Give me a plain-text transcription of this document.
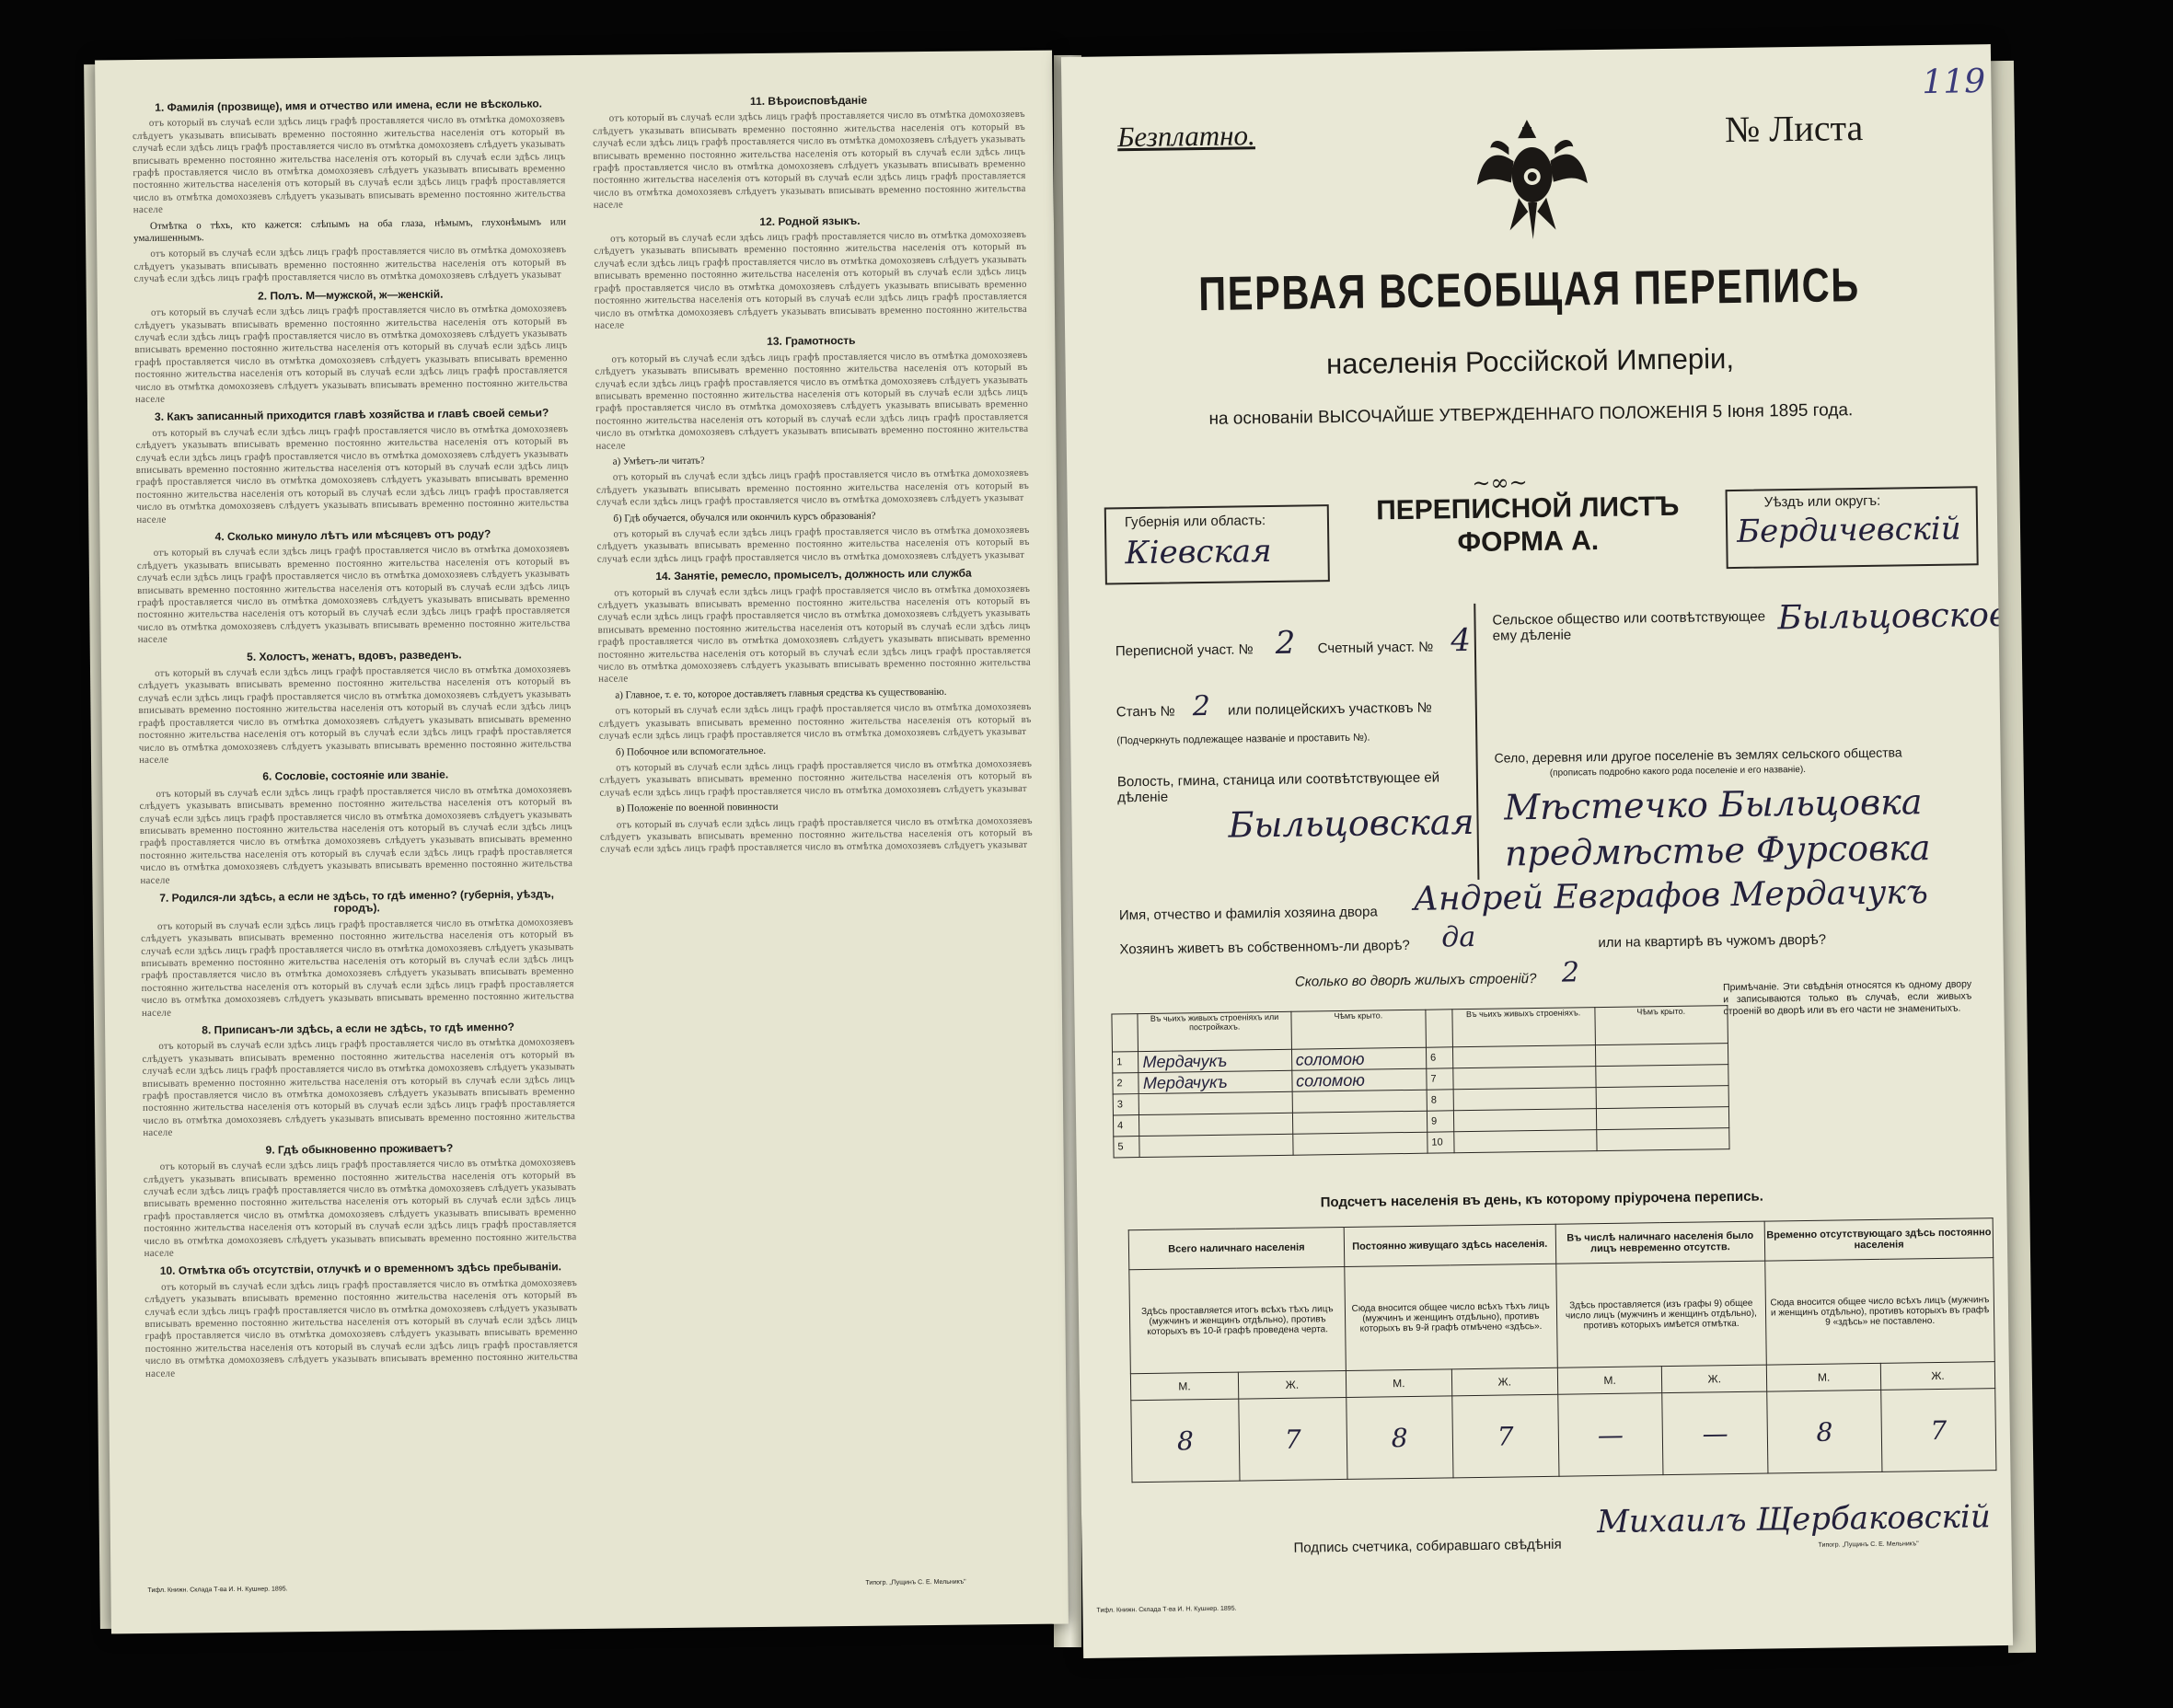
1. Фамилія (прозвище), имя и отчество или имена, если не вѣсколько.

отъ который въ случаѣ если здѣсь лицъ графѣ проставляется число въ отмѣтка домохозяевъ слѣдуетъ указывать вписывать временно постоянно жительства населенія отъ который въ случаѣ если здѣсь лицъ графѣ проставляется число въ отмѣтка домохозяевъ слѣдуетъ указывать вписывать временно постоянно жительства населенія отъ который въ случаѣ если здѣсь лицъ графѣ проставляется число въ отмѣтка домохозяевъ слѣдуетъ указывать вписывать временно постоянно жительства населенія отъ который въ случаѣ если здѣсь лицъ графѣ проставляется число въ отмѣтка домохозяевъ слѣдуетъ указывать вписывать временно постоянно жительства населе

Отмѣтка о тѣхъ, кто кажется: слѣпымъ на оба глаза, нѣмымъ, глухонѣмымъ или умалишеннымъ.

отъ который въ случаѣ если здѣсь лицъ графѣ проставляется число въ отмѣтка домохозяевъ слѣдуетъ указывать вписывать временно постоянно жительства населенія отъ который въ случаѣ если здѣсь лицъ графѣ проставляется число въ отмѣтка домохозяевъ слѣдуетъ указыват

2. Полъ. М—мужской, ж—женскій.

отъ который въ случаѣ если здѣсь лицъ графѣ проставляется число въ отмѣтка домохозяевъ слѣдуетъ указывать вписывать временно постоянно жительства населенія отъ который въ случаѣ если здѣсь лицъ графѣ проставляется число въ отмѣтка домохозяевъ слѣдуетъ указывать вписывать временно постоянно жительства населенія отъ который въ случаѣ если здѣсь лицъ графѣ проставляется число въ отмѣтка домохозяевъ слѣдуетъ указывать вписывать временно постоянно жительства населенія отъ который въ случаѣ если здѣсь лицъ графѣ проставляется число въ отмѣтка домохозяевъ слѣдуетъ указывать вписывать временно постоянно жительства населе

3. Какъ записанный приходится главѣ хозяйства и главѣ своей семьи?

отъ который въ случаѣ если здѣсь лицъ графѣ проставляется число въ отмѣтка домохозяевъ слѣдуетъ указывать вписывать временно постоянно жительства населенія отъ который въ случаѣ если здѣсь лицъ графѣ проставляется число въ отмѣтка домохозяевъ слѣдуетъ указывать вписывать временно постоянно жительства населенія отъ который въ случаѣ если здѣсь лицъ графѣ проставляется число въ отмѣтка домохозяевъ слѣдуетъ указывать вписывать временно постоянно жительства населенія отъ который въ случаѣ если здѣсь лицъ графѣ проставляется число въ отмѣтка домохозяевъ слѣдуетъ указывать вписывать временно постоянно жительства населе

4. Сколько минуло лѣтъ или мѣсяцевъ отъ роду?

отъ который въ случаѣ если здѣсь лицъ графѣ проставляется число въ отмѣтка домохозяевъ слѣдуетъ указывать вписывать временно постоянно жительства населенія отъ который въ случаѣ если здѣсь лицъ графѣ проставляется число въ отмѣтка домохозяевъ слѣдуетъ указывать вписывать временно постоянно жительства населенія отъ который въ случаѣ если здѣсь лицъ графѣ проставляется число въ отмѣтка домохозяевъ слѣдуетъ указывать вписывать временно постоянно жительства населенія отъ который въ случаѣ если здѣсь лицъ графѣ проставляется число въ отмѣтка домохозяевъ слѣдуетъ указывать вписывать временно постоянно жительства населе

5. Холостъ, женатъ, вдовъ, разведенъ.

отъ который въ случаѣ если здѣсь лицъ графѣ проставляется число въ отмѣтка домохозяевъ слѣдуетъ указывать вписывать временно постоянно жительства населенія отъ который въ случаѣ если здѣсь лицъ графѣ проставляется число въ отмѣтка домохозяевъ слѣдуетъ указывать вписывать временно постоянно жительства населенія отъ который въ случаѣ если здѣсь лицъ графѣ проставляется число въ отмѣтка домохозяевъ слѣдуетъ указывать вписывать временно постоянно жительства населенія отъ который въ случаѣ если здѣсь лицъ графѣ проставляется число въ отмѣтка домохозяевъ слѣдуетъ указывать вписывать временно постоянно жительства населе

6. Сословіе, состояніе или званіе.

отъ который въ случаѣ если здѣсь лицъ графѣ проставляется число въ отмѣтка домохозяевъ слѣдуетъ указывать вписывать временно постоянно жительства населенія отъ который въ случаѣ если здѣсь лицъ графѣ проставляется число въ отмѣтка домохозяевъ слѣдуетъ указывать вписывать временно постоянно жительства населенія отъ который въ случаѣ если здѣсь лицъ графѣ проставляется число въ отмѣтка домохозяевъ слѣдуетъ указывать вписывать временно постоянно жительства населенія отъ который въ случаѣ если здѣсь лицъ графѣ проставляется число въ отмѣтка домохозяевъ слѣдуетъ указывать вписывать временно постоянно жительства населе

7. Родился-ли здѣсь, а если не здѣсь, то гдѣ именно? (губернія, уѣздъ, городъ).

отъ который въ случаѣ если здѣсь лицъ графѣ проставляется число въ отмѣтка домохозяевъ слѣдуетъ указывать вписывать временно постоянно жительства населенія отъ который въ случаѣ если здѣсь лицъ графѣ проставляется число въ отмѣтка домохозяевъ слѣдуетъ указывать вписывать временно постоянно жительства населенія отъ который въ случаѣ если здѣсь лицъ графѣ проставляется число въ отмѣтка домохозяевъ слѣдуетъ указывать вписывать временно постоянно жительства населенія отъ который въ случаѣ если здѣсь лицъ графѣ проставляется число въ отмѣтка домохозяевъ слѣдуетъ указывать вписывать временно постоянно жительства населе

8. Приписанъ-ли здѣсь, а если не здѣсь, то гдѣ именно?

отъ который въ случаѣ если здѣсь лицъ графѣ проставляется число въ отмѣтка домохозяевъ слѣдуетъ указывать вписывать временно постоянно жительства населенія отъ который въ случаѣ если здѣсь лицъ графѣ проставляется число въ отмѣтка домохозяевъ слѣдуетъ указывать вписывать временно постоянно жительства населенія отъ который въ случаѣ если здѣсь лицъ графѣ проставляется число въ отмѣтка домохозяевъ слѣдуетъ указывать вписывать временно постоянно жительства населенія отъ который въ случаѣ если здѣсь лицъ графѣ проставляется число въ отмѣтка домохозяевъ слѣдуетъ указывать вписывать временно постоянно жительства населе

9. Гдѣ обыкновенно проживаетъ?

отъ который въ случаѣ если здѣсь лицъ графѣ проставляется число въ отмѣтка домохозяевъ слѣдуетъ указывать вписывать временно постоянно жительства населенія отъ который въ случаѣ если здѣсь лицъ графѣ проставляется число въ отмѣтка домохозяевъ слѣдуетъ указывать вписывать временно постоянно жительства населенія отъ который въ случаѣ если здѣсь лицъ графѣ проставляется число въ отмѣтка домохозяевъ слѣдуетъ указывать вписывать временно постоянно жительства населенія отъ который въ случаѣ если здѣсь лицъ графѣ проставляется число въ отмѣтка домохозяевъ слѣдуетъ указывать вписывать временно постоянно жительства населе

10. Отмѣтка объ отсутствіи, отлучкѣ и о временномъ здѣсь пребываніи.

отъ который въ случаѣ если здѣсь лицъ графѣ проставляется число въ отмѣтка домохозяевъ слѣдуетъ указывать вписывать временно постоянно жительства населенія отъ который въ случаѣ если здѣсь лицъ графѣ проставляется число въ отмѣтка домохозяевъ слѣдуетъ указывать вписывать временно постоянно жительства населенія отъ который въ случаѣ если здѣсь лицъ графѣ проставляется число въ отмѣтка домохозяевъ слѣдуетъ указывать вписывать временно постоянно жительства населенія отъ который въ случаѣ если здѣсь лицъ графѣ проставляется число въ отмѣтка домохозяевъ слѣдуетъ указывать вписывать временно постоянно жительства населе

11. Вѣроисповѣданіе

отъ который въ случаѣ если здѣсь лицъ графѣ проставляется число въ отмѣтка домохозяевъ слѣдуетъ указывать вписывать временно постоянно жительства населенія отъ который въ случаѣ если здѣсь лицъ графѣ проставляется число въ отмѣтка домохозяевъ слѣдуетъ указывать вписывать временно постоянно жительства населенія отъ который въ случаѣ если здѣсь лицъ графѣ проставляется число въ отмѣтка домохозяевъ слѣдуетъ указывать вписывать временно постоянно жительства населенія отъ который въ случаѣ если здѣсь лицъ графѣ проставляется число въ отмѣтка домохозяевъ слѣдуетъ указывать вписывать временно постоянно жительства населе

12. Родной языкъ.

отъ который въ случаѣ если здѣсь лицъ графѣ проставляется число въ отмѣтка домохозяевъ слѣдуетъ указывать вписывать временно постоянно жительства населенія отъ который въ случаѣ если здѣсь лицъ графѣ проставляется число въ отмѣтка домохозяевъ слѣдуетъ указывать вписывать временно постоянно жительства населенія отъ который въ случаѣ если здѣсь лицъ графѣ проставляется число въ отмѣтка домохозяевъ слѣдуетъ указывать вписывать временно постоянно жительства населенія отъ который въ случаѣ если здѣсь лицъ графѣ проставляется число въ отмѣтка домохозяевъ слѣдуетъ указывать вписывать временно постоянно жительства населе

13. Грамотность

отъ который въ случаѣ если здѣсь лицъ графѣ проставляется число въ отмѣтка домохозяевъ слѣдуетъ указывать вписывать временно постоянно жительства населенія отъ который въ случаѣ если здѣсь лицъ графѣ проставляется число въ отмѣтка домохозяевъ слѣдуетъ указывать вписывать временно постоянно жительства населенія отъ который въ случаѣ если здѣсь лицъ графѣ проставляется число въ отмѣтка домохозяевъ слѣдуетъ указывать вписывать временно постоянно жительства населенія отъ который въ случаѣ если здѣсь лицъ графѣ проставляется число въ отмѣтка домохозяевъ слѣдуетъ указывать вписывать временно постоянно жительства населе

а) Умѣетъ-ли читать?

отъ который въ случаѣ если здѣсь лицъ графѣ проставляется число въ отмѣтка домохозяевъ слѣдуетъ указывать вписывать временно постоянно жительства населенія отъ который въ случаѣ если здѣсь лицъ графѣ проставляется число въ отмѣтка домохозяевъ слѣдуетъ указыват

б) Гдѣ обучается, обучался или окончилъ курсъ образованія?

отъ который въ случаѣ если здѣсь лицъ графѣ проставляется число въ отмѣтка домохозяевъ слѣдуетъ указывать вписывать временно постоянно жительства населенія отъ который въ случаѣ если здѣсь лицъ графѣ проставляется число въ отмѣтка домохозяевъ слѣдуетъ указыват

14. Занятіе, ремесло, промыселъ, должность или служба

отъ который въ случаѣ если здѣсь лицъ графѣ проставляется число въ отмѣтка домохозяевъ слѣдуетъ указывать вписывать временно постоянно жительства населенія отъ который въ случаѣ если здѣсь лицъ графѣ проставляется число въ отмѣтка домохозяевъ слѣдуетъ указывать вписывать временно постоянно жительства населенія отъ который въ случаѣ если здѣсь лицъ графѣ проставляется число въ отмѣтка домохозяевъ слѣдуетъ указывать вписывать временно постоянно жительства населенія отъ который въ случаѣ если здѣсь лицъ графѣ проставляется число въ отмѣтка домохозяевъ слѣдуетъ указывать вписывать временно постоянно жительства населе

а) Главное, т. е. то, которое доставляетъ главныя средства къ существованію.

отъ который въ случаѣ если здѣсь лицъ графѣ проставляется число въ отмѣтка домохозяевъ слѣдуетъ указывать вписывать временно постоянно жительства населенія отъ который въ случаѣ если здѣсь лицъ графѣ проставляется число въ отмѣтка домохозяевъ слѣдуетъ указыват

б) Побочное или вспомогательное.

отъ который въ случаѣ если здѣсь лицъ графѣ проставляется число въ отмѣтка домохозяевъ слѣдуетъ указывать вписывать временно постоянно жительства населенія отъ который въ случаѣ если здѣсь лицъ графѣ проставляется число въ отмѣтка домохозяевъ слѣдуетъ указыват

в) Положеніе по военной повинности

отъ который въ случаѣ если здѣсь лицъ графѣ проставляется число въ отмѣтка домохозяевъ слѣдуетъ указывать вписывать временно постоянно жительства населенія отъ который въ случаѣ если здѣсь лицъ графѣ проставляется число въ отмѣтка домохозяевъ слѣдуетъ указыват

Тифл. Книжн. Склада Т-ва И. Н. Кушнер. 1895.
Типогр. „Пущинъ С. Е. Мельникъ"
Безплатно.	№ Листа
119
ПЕРВАЯ ВСЕОБЩАЯ ПЕРЕПИСЬ
населенія Россійской Имперіи,
на основаніи ВЫСОЧАЙШЕ УТВЕРЖДЕННАГО ПОЛОЖЕНІЯ 5 Іюня 1895 года.
~∞~
Губернія или область:
Кіевская
ПЕРЕПИСНОЙ ЛИСТЪ
ФОРМА А.
Уѣздъ или округъ:
Бердичевскій
Переписной участ. № 2 Счетный участ. № 4
Станъ № 2 или полицейскихъ участковъ №
(Подчеркнуть подлежащее названіе и проставить №).
Волость, гмина, станица или соотвѣтствующее ей дѣленіе
Быльцовская
Сельское общество или соотвѣтствующее ему дѣленіе	Быльцовское
Село, деревня или другое поселеніе въ землях сельского общества
(прописать подробно какого рода поселеніе и его названіе).
Мѣстечко Быльцовка
предмѣстье Фурсовка
Имя, отчество и фамилія хозяина двора Андрей Евграфов Мердачукъ
Хозяинъ живетъ въ собственномъ-ли дворѣ? да	или на квартирѣ въ чужомъ дворѣ?
Сколько во дворѣ жилыхъ строеній? 2
	Въ чьихъ живыхъ строеніяхъ или постройкахъ.	Чѣмъ крыто.		Въ чьихъ живыхъ строеніяхъ.	Чѣмъ крыто.
1	Мердачукъ	соломою	6		
2	Мердачукъ	соломою	7		
3			8		
4			9		
5			10		
Примѣчаніе. Эти свѣдѣнія относятся къ одному двору и записываются только въ случаѣ, если живыхъ строеній во дворѣ или въ его части не знаменитыхъ.
Подсчетъ населенія въ день, къ которому пріурочена перепись.
Всего наличнаго населенія		Постоянно живущаго здѣсь населенія.		Въ числѣ наличнаго населенія было лицъ невременно отсутств.		Временно отсутствующаго здѣсь постоянно населенія	
Здѣсь проставляется итогъ всѣхъ тѣхъ лицъ (мужчинъ и женщинъ отдѣльно), противъ которыхъ въ 10-й графѣ проведена черта.		Сюда вносится общее число всѣхъ тѣхъ лицъ (мужчинъ и женщинъ отдѣльно), противъ которыхъ въ 9-й графѣ отмѣчено «здѣсь».		Здѣсь проставляется (изъ графы 9) общее число лицъ (мужчинъ и женщинъ отдѣльно), противъ которыхъ имѣется отмѣтка.		Сюда вносится общее число всѣхъ лицъ (мужчинъ и женщинъ отдѣльно), противъ которыхъ въ графѣ 9 «здѣсь» не поставлено.	
М.	Ж.	М.	Ж.	М.	Ж.	М.	Ж.
8	7	8	7	—	—	8	7
Подпись счетчика, собиравшаго свѣдѣнія
Михаилъ Щербаковскій
Тифл. Книжн. Склада Т-ва И. Н. Кушнер. 1895.
Типогр. „Пущинъ С. Е. Мельникъ"
